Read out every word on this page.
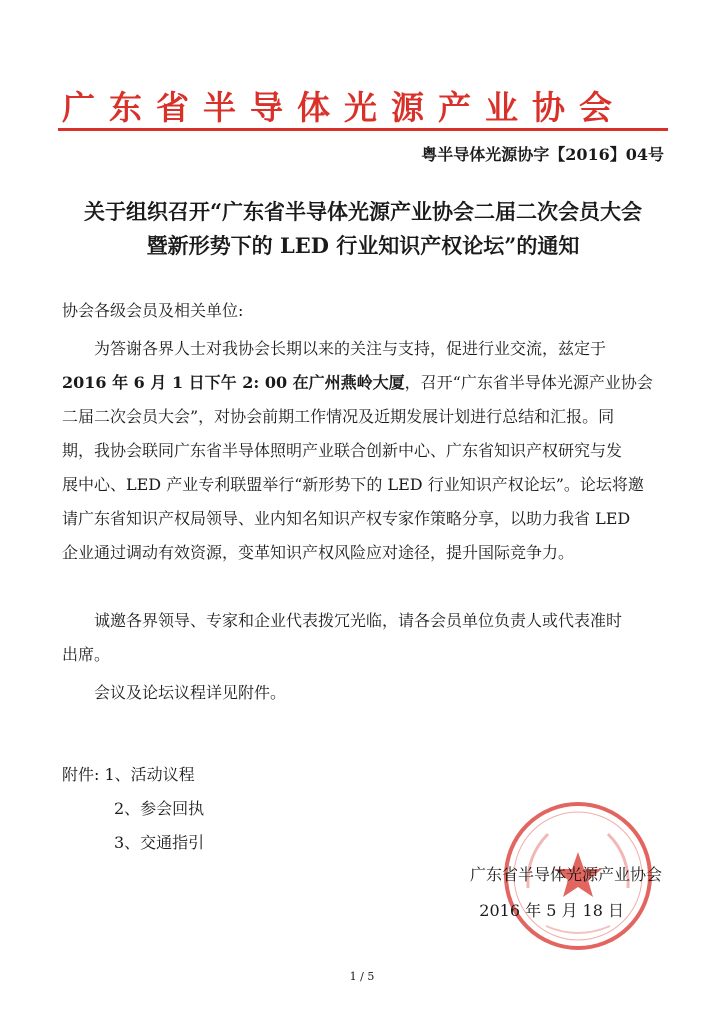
广东省半导体光源产业协会
粤半导体光源协字【2016】04号
关于组织召开“广东省半导体光源产业协会二届二次会员大会
暨新形势下的 LED 行业知识产权论坛”的通知
协会各级会员及相关单位:
为答谢各界人士对我协会长期以来的关注与支持，促进行业交流，兹定于
2016 年 6 月 1 日下午 2: 00 在广州燕岭大厦，召开“广东省半导体光源产业协会
二届二次会员大会”，对协会前期工作情况及近期发展计划进行总结和汇报。同
期，我协会联同广东省半导体照明产业联合创新中心、广东省知识产权研究与发
展中心、LED 产业专利联盟举行“新形势下的 LED 行业知识产权论坛”。论坛将邀
请广东省知识产权局领导、业内知名知识产权专家作策略分享，以助力我省 LED
企业通过调动有效资源，变革知识产权风险应对途径，提升国际竞争力。
诚邀各界领导、专家和企业代表拨冗光临，请各会员单位负责人或代表准时
出席。
会议及论坛议程详见附件。
附件: 1、活动议程
2、参会回执
3、交通指引
广东省半导体光源产业协会
2016 年 5 月 18 日
1 / 5
